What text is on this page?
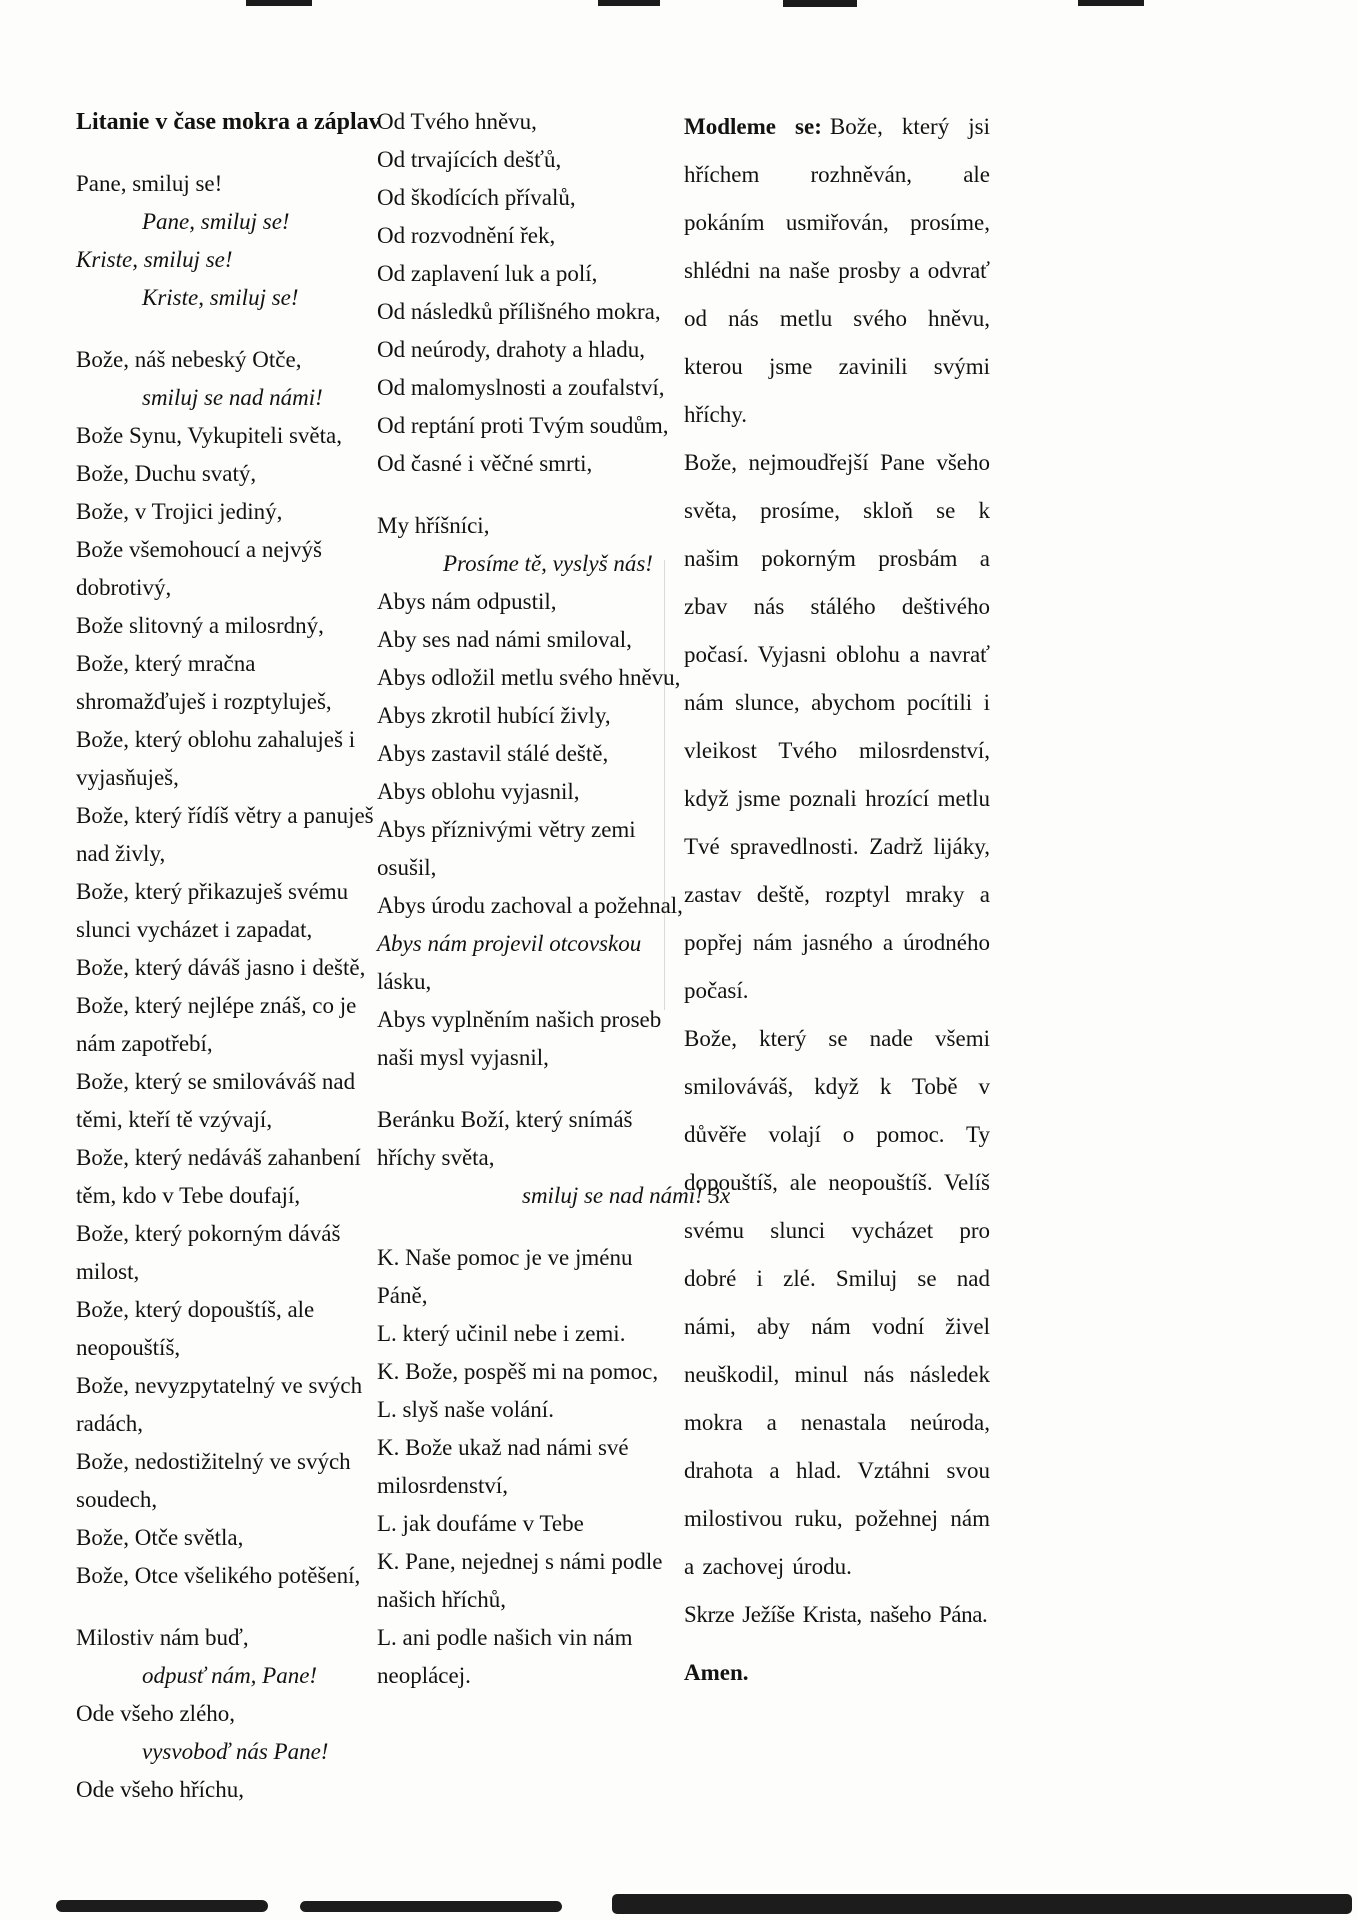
Litanie v čase mokra a záplav
Pane, smiluj se!
Pane, smiluj se!
Kriste, smiluj se!
Kriste, smiluj se!
Bože, náš nebeský Otče,
smiluj se nad námi!
Bože Synu, Vykupiteli světa,
Bože, Duchu svatý,
Bože, v Trojici jediný,
Bože všemohoucí a nejvýš
dobrotivý,
Bože slitovný a milosrdný,
Bože, který mračna
shromažďuješ i rozptyluješ,
Bože, který oblohu zahaluješ i
vyjasňuješ,
Bože, který řídíš větry a panuješ
nad živly,
Bože, který přikazuješ svému
slunci vycházet i zapadat,
Bože, který dáváš jasno i deště,
Bože, který nejlépe znáš, co je
nám zapotřebí,
Bože, který se smilováváš nad
těmi, kteří tě vzývají,
Bože, který nedáváš zahanbení
těm, kdo v Tebe doufají,
Bože, který pokorným dáváš
milost,
Bože, který dopouštíš, ale
neopouštíš,
Bože, nevyzpytatelný ve svých
radách,
Bože, nedostižitelný ve svých
soudech,
Bože, Otče světla,
Bože, Otce všelikého potěšení,
Milostiv nám buď,
odpusť nám, Pane!
Ode všeho zlého,
vysvoboď nás Pane!
Ode všeho hříchu,
Od Tvého hněvu,
Od trvajících dešťů,
Od škodících přívalů,
Od rozvodnění řek,
Od zaplavení luk a polí,
Od následků přílišného mokra,
Od neúrody, drahoty a hladu,
Od malomyslnosti a zoufalství,
Od reptání proti Tvým soudům,
Od časné i věčné smrti,
My hříšníci,
Prosíme tě, vyslyš nás!
Abys nám odpustil,
Aby ses nad námi smiloval,
Abys odložil metlu svého hněvu,
Abys zkrotil hubící živly,
Abys zastavil stálé deště,
Abys oblohu vyjasnil,
Abys příznivými větry zemi
osušil,
Abys úrodu zachoval a požehnal,
Abys nám projevil otcovskou
lásku,
Abys vyplněním našich proseb
naši mysl vyjasnil,
Beránku Boží, který snímáš
hříchy světa,
smiluj se nad námi! 3x
K. Naše pomoc je ve jménu
Páně,
L. který učinil nebe i zemi.
K. Bože, pospěš mi na pomoc,
L. slyš naše volání.
K. Bože ukaž nad námi své
milosrdenství,
L. jak doufáme v Tebe
K. Pane, nejednej s námi podle
našich hříchů,
L. ani podle našich vin nám
neoplácej.

Modleme se: Bože, který jsi hříchem rozhněván, ale pokáním usmiřován, prosíme, shlédni na naše prosby a odvrať od nás metlu svého hněvu, kterou jsme zavinili svými hříchy.

Bože, nejmoudřejší Pane všeho světa, prosíme, skloň se k našim pokorným prosbám a zbav nás stálého deštivého počasí. Vyjasni oblohu a navrať nám slunce, abychom pocítili i vleikost Tvého milosrdenství, když jsme poznali hrozící metlu Tvé spravedlnosti. Zadrž lijáky, zastav deště, rozptyl mraky a popřej nám jasného a úrodného počasí.

Bože, který se nade všemi smilováváš, když k Tobě v důvěře volají o pomoc. Ty dopouštíš, ale neopouštíš. Velíš svému slunci vycházet pro dobré i zlé. Smiluj se nad námi, aby nám vodní živel neuškodil, minul nás následek mokra a nenastala neúroda, drahota a hlad. Vztáhni svou milostivou ruku, požehnej nám a zachovej úrodu.

Skrze Ježíše Krista, našeho Pána.

Amen.
